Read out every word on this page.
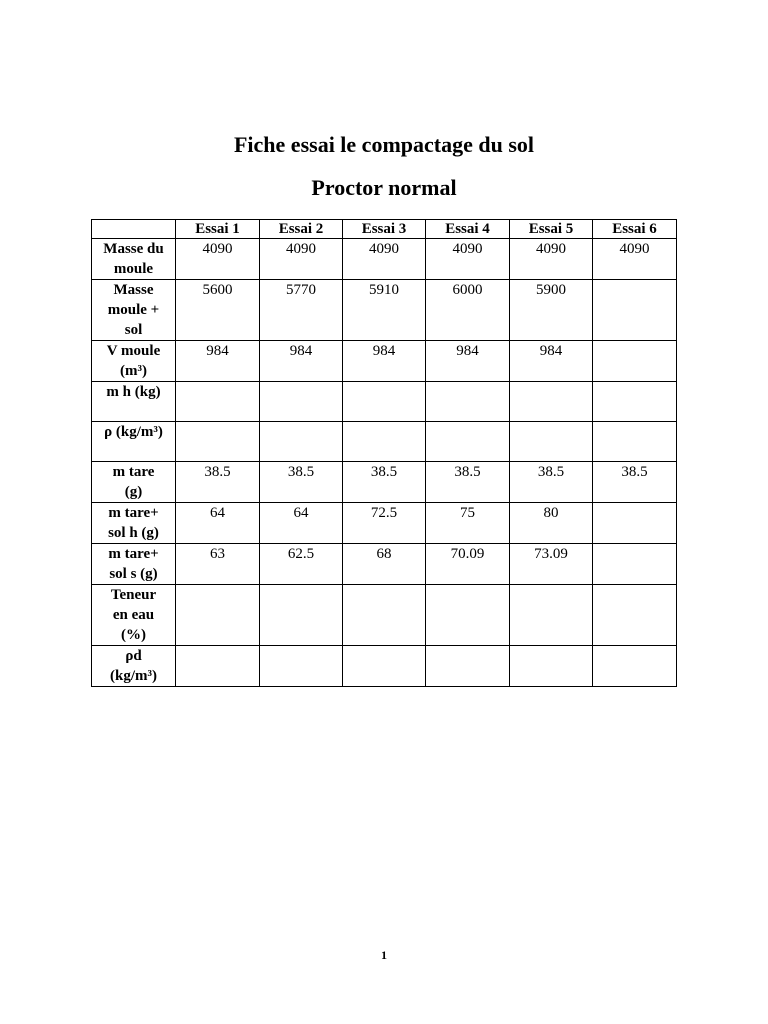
Fiche essai le compactage du sol
Proctor normal
	Essai 1	Essai 2	Essai 3	Essai 4	Essai 5	Essai 6

Masse du
moule	4090	4090	4090	4090	4090	4090

Masse
moule +
sol	5600	5770	5910	6000	5900	

V moule
(m³)	984	984	984	984	984	

m h (kg)						

ρ (kg/m³)						

m tare
(g)	38.5	38.5	38.5	38.5	38.5	38.5

m tare+
sol h (g)	64	64	72.5	75	80	

m tare+
sol s (g)	63	62.5	68	70.09	73.09	

Teneur
en eau
(%)						

ρd
(kg/m³)						

1
